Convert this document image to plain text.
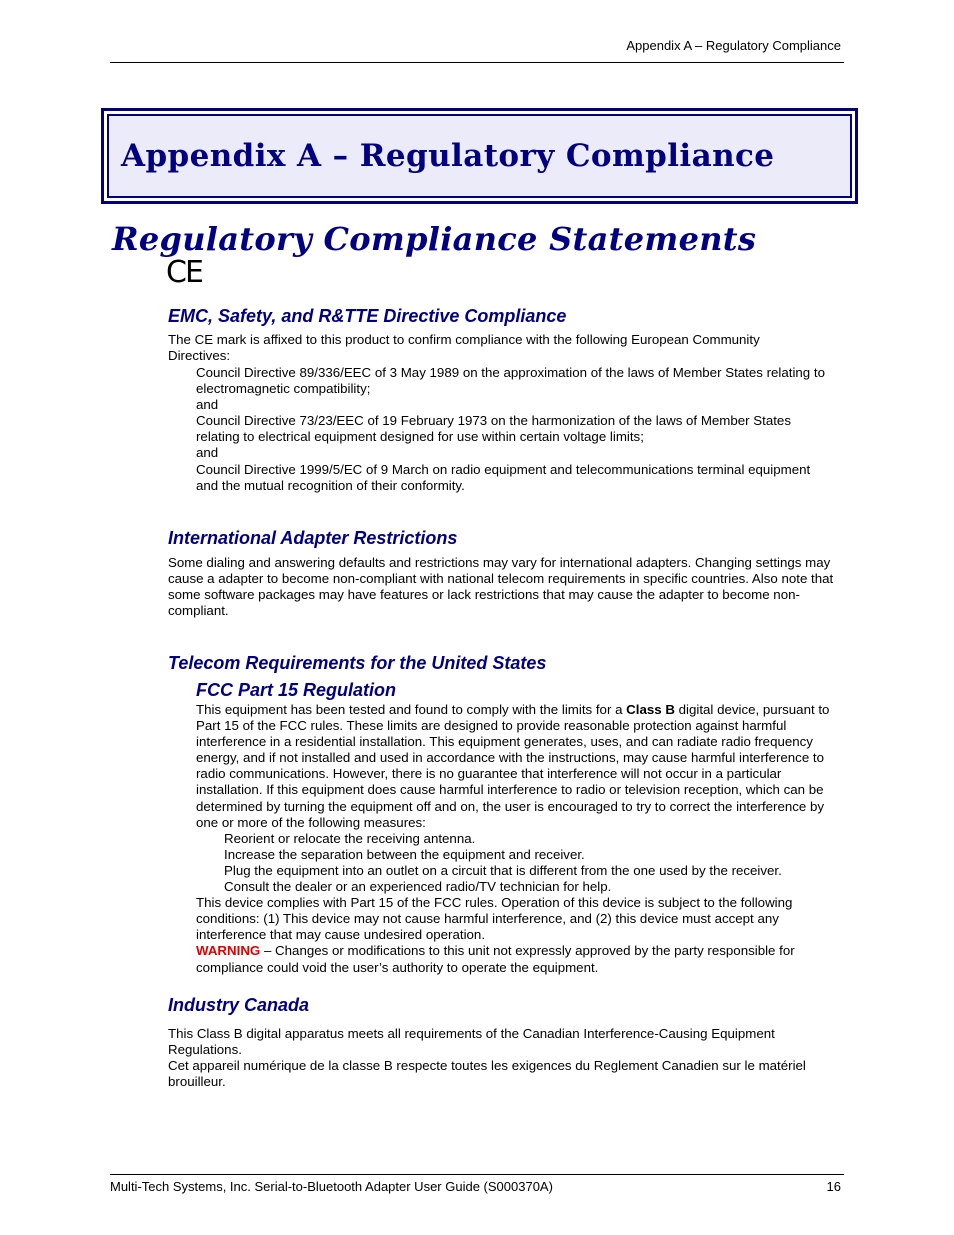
Appendix A – Regulatory Compliance
Appendix A – Regulatory Compliance
Regulatory Compliance Statements
CE
EMC, Safety, and R&TTE Directive Compliance

The CE mark is affixed to this product to confirm compliance with the following European Community Directives:

Council Directive 89/336/EEC of 3 May 1989 on the approximation of the laws of Member States relating to electromagnetic compatibility;

and

Council Directive 73/23/EEC of 19 February 1973 on the harmonization of the laws of Member States relating to electrical equipment designed for use within certain voltage limits;

and

Council Directive 1999/5/EC of 9 March on radio equipment and telecommunications terminal equipment and the mutual recognition of their conformity.

International Adapter Restrictions

Some dialing and answering defaults and restrictions may vary for international adapters. Changing settings may cause a adapter to become non-compliant with national telecom requirements in specific countries. Also note that some software packages may have features or lack restrictions that may cause the adapter to become non-compliant.

Telecom Requirements for the United States
FCC Part 15 Regulation

This equipment has been tested and found to comply with the limits for a Class B digital device, pursuant to Part 15 of the FCC rules. These limits are designed to provide reasonable protection against harmful interference in a residential installation. This equipment generates, uses, and can radiate radio frequency energy, and if not installed and used in accordance with the instructions, may cause harmful interference to radio communications. However, there is no guarantee that interference will not occur in a particular installation. If this equipment does cause harmful interference to radio or television reception, which can be determined by turning the equipment off and on, the user is encouraged to try to correct the interference by one or more of the following measures:

Reorient or relocate the receiving antenna.

Increase the separation between the equipment and receiver.

Plug the equipment into an outlet on a circuit that is different from the one used by the receiver.

Consult the dealer or an experienced radio/TV technician for help.

This device complies with Part 15 of the FCC rules. Operation of this device is subject to the following conditions: (1) This device may not cause harmful interference, and (2) this device must accept any interference that may cause undesired operation.

WARNING – Changes or modifications to this unit not expressly approved by the party responsible for compliance could void the user’s authority to operate the equipment.

Industry Canada

This Class B digital apparatus meets all requirements of the Canadian Interference-Causing Equipment Regulations.

Cet appareil numérique de la classe B respecte toutes les exigences du Reglement Canadien sur le matériel brouilleur.

Multi-Tech Systems, Inc. Serial-to-Bluetooth Adapter User Guide (S000370A)	16
